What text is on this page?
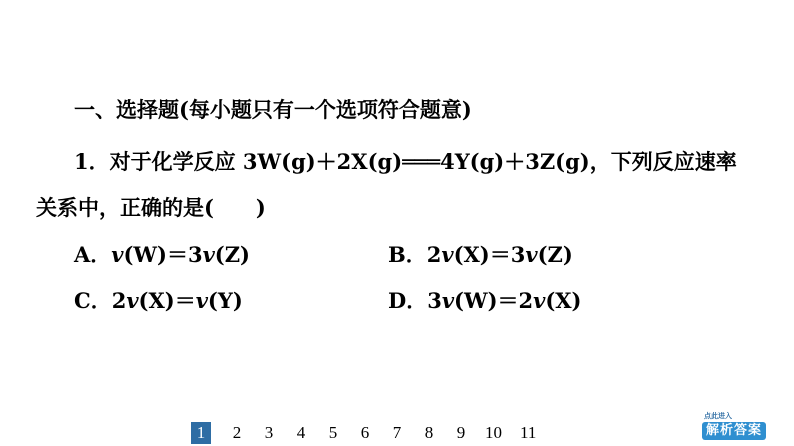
一、选择题(每小题只有一个选项符合题意)
1．对于化学反应 3W(g)＋2X(g)═══4Y(g)＋3Z(g)，下列反应速率
关系中，正确的是(　　)
A．v(W)＝3v(Z)	B．2v(X)＝3v(Z)
C．2v(X)＝v(Y)	D．3v(W)＝2v(X)
1	2 3 4 5 6 7 8 9 10 11
点此进入
解析答案
